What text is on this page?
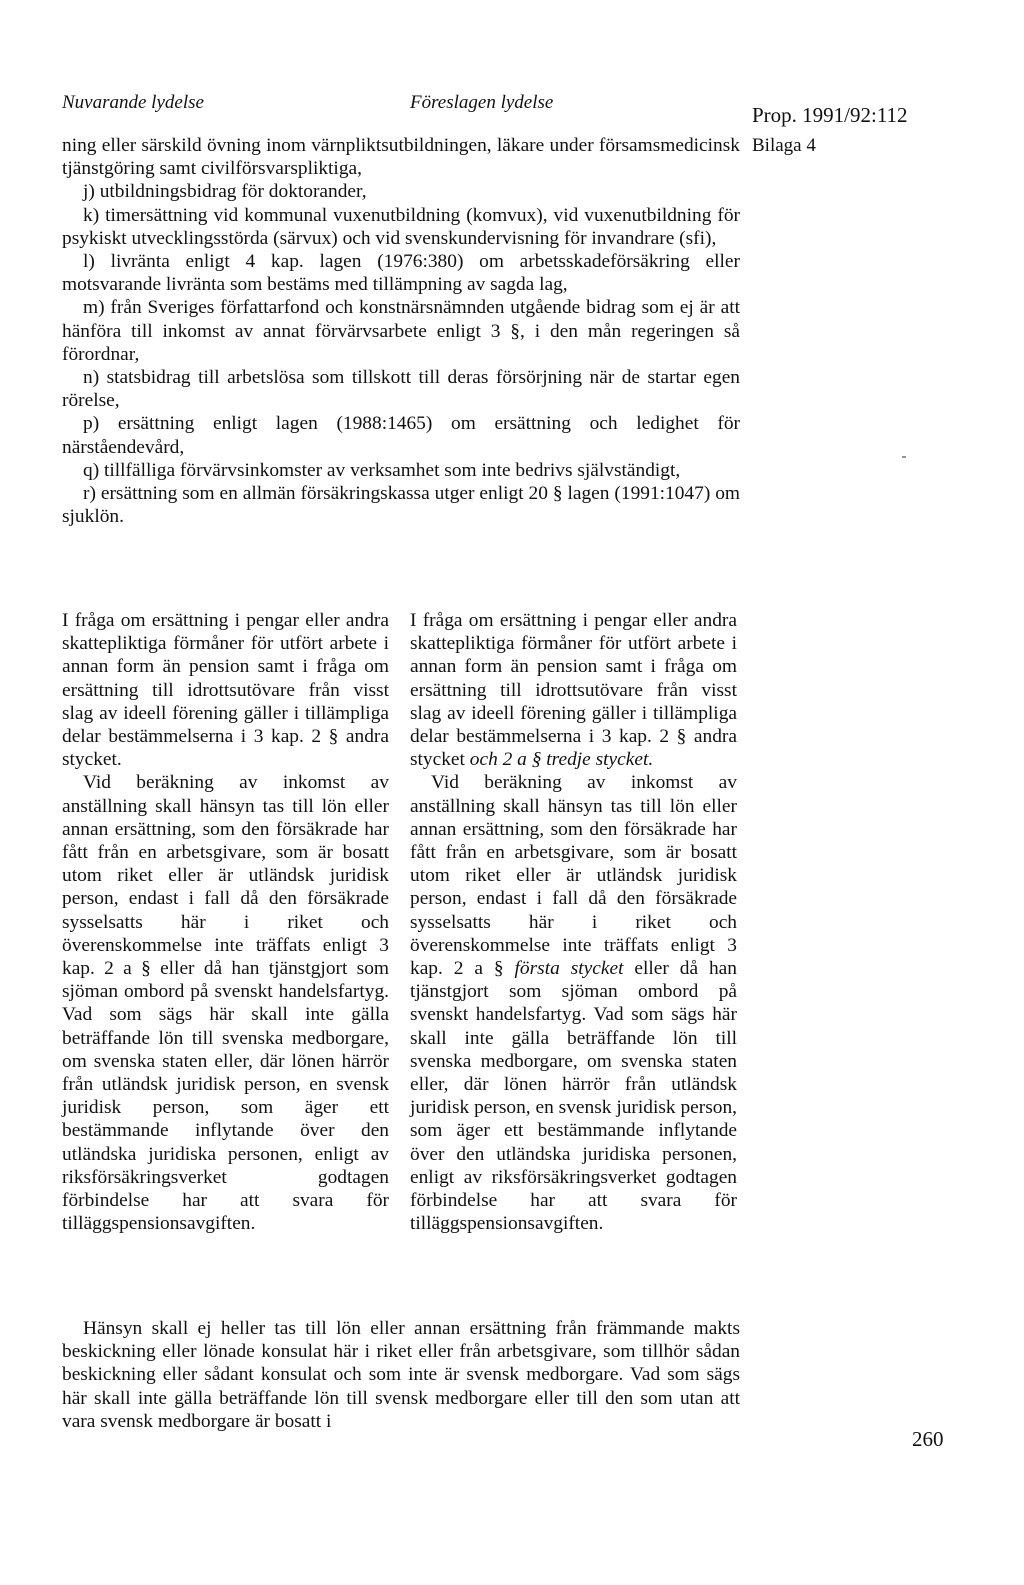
Nuvarande lydelse	Föreslagen lydelse
Prop. 1991/92:112
Bilaga 4

ning eller särskild övning inom värnpliktsutbildningen, läkare under församsmedicinsk tjänstgöring samt civilförsvarspliktiga,

j) utbildningsbidrag för doktorander,

k) timersättning vid kommunal vuxenutbildning (komvux), vid vuxenutbildning för psykiskt utvecklingsstörda (särvux) och vid svenskundervisning för invandrare (sfi),

l) livränta enligt 4 kap. lagen (1976:380) om arbetsskadeförsäkring eller motsvarande livränta som bestäms med tillämpning av sagda lag,

m) från Sveriges författarfond och konstnärsnämnden utgående bidrag som ej är att hänföra till inkomst av annat förvärvsarbete enligt 3 §, i den mån regeringen så förordnar,

n) statsbidrag till arbetslösa som tillskott till deras försörjning när de startar egen rörelse,

p) ersättning enligt lagen (1988:1465) om ersättning och ledighet för närståendevård,

q) tillfälliga förvärvsinkomster av verksamhet som inte bedrivs självständigt,

r) ersättning som en allmän försäkringskassa utger enligt 20 § lagen (1991:1047) om sjuklön.

I fråga om ersättning i pengar eller andra skattepliktiga förmåner för utfört arbete i annan form än pension samt i fråga om ersättning till idrottsutövare från visst slag av ideell förening gäller i tillämpliga delar bestämmelserna i 3 kap. 2 § andra stycket.

Vid beräkning av inkomst av anställning skall hänsyn tas till lön eller annan ersättning, som den försäkrade har fått från en arbetsgivare, som är bosatt utom riket eller är utländsk juridisk person, endast i fall då den försäkrade sysselsatts här i riket och överenskommelse inte träffats enligt 3 kap. 2 a § eller då han tjänstgjort som sjöman ombord på svenskt handelsfartyg. Vad som sägs här skall inte gälla beträffande lön till svenska medborgare, om svenska staten eller, där lönen härrör från utländsk juridisk person, en svensk juridisk person, som äger ett bestämmande inflytande över den utländska juridiska personen, enligt av riksförsäkringsverket godtagen förbindelse har att svara för tilläggspensionsavgiften.

I fråga om ersättning i pengar eller andra skattepliktiga förmåner för utfört arbete i annan form än pension samt i fråga om ersättning till idrottsutövare från visst slag av ideell förening gäller i tillämpliga delar bestämmelserna i 3 kap. 2 § andra stycket och 2 a § tredje stycket.

Vid beräkning av inkomst av anställning skall hänsyn tas till lön eller annan ersättning, som den försäkrade har fått från en arbetsgivare, som är bosatt utom riket eller är utländsk juridisk person, endast i fall då den försäkrade sysselsatts här i riket och överenskommelse inte träffats enligt 3 kap. 2 a § första stycket eller då han tjänstgjort som sjöman ombord på svenskt handelsfartyg. Vad som sägs här skall inte gälla beträffande lön till svenska medborgare, om svenska staten eller, där lönen härrör från utländsk juridisk person, en svensk juridisk person, som äger ett bestämmande inflytande över den utländska juridiska personen, enligt av riksförsäkringsverket godtagen förbindelse har att svara för tilläggspensionsavgiften.

Hänsyn skall ej heller tas till lön eller annan ersättning från främmande makts beskickning eller lönade konsulat här i riket eller från arbetsgivare, som tillhör sådan beskickning eller sådant konsulat och som inte är svensk medborgare. Vad som sägs här skall inte gälla beträffande lön till svensk medborgare eller till den som utan att vara svensk medborgare är bosatt i

260
